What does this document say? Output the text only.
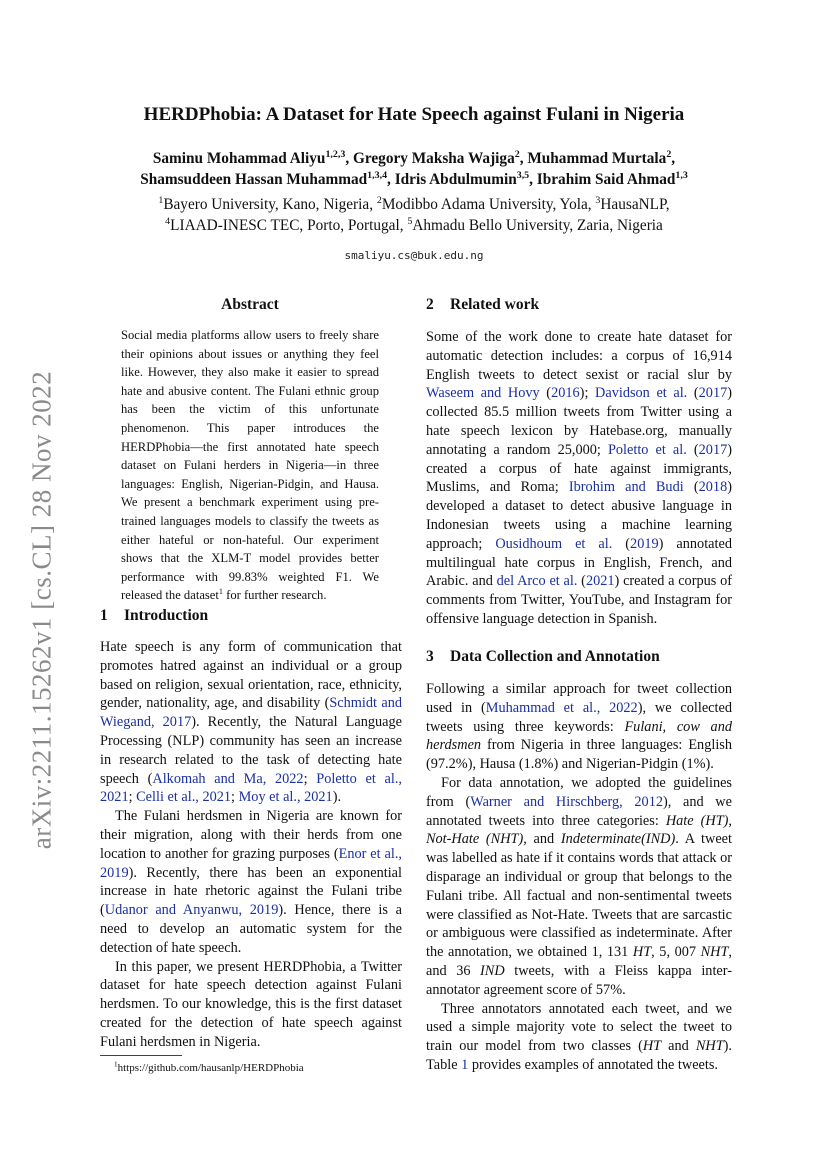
arXiv:2211.15262v1 [cs.CL] 28 Nov 2022
HERDPhobia: A Dataset for Hate Speech against Fulani in Nigeria
Saminu Mohammad Aliyu$^{1,2,3}$, Gregory Maksha Wajiga$^2$, Muhammad Murtala$^2$,
Shamsuddeen Hassan Muhammad$^{1,3,4}$, Idris Abdulmumin$^{3,5}$, Ibrahim Said Ahmad$^{1,3}$
$^1$Bayero University, Kano, Nigeria, $^2$Modibbo Adama University, Yola, $^3$HausaNLP,
$^4$LIAAD-INESC TEC, Porto, Portugal, $^5$Ahmadu Bello University, Zaria, Nigeria
smaliyu.cs@buk.edu.ng
Abstract
Social media platforms allow users to freely share their opinions about issues or anything they feel like. However, they also make it easier to spread hate and abusive content. The Fulani ethnic group has been the victim of this unfortunate phenomenon. This paper introduces the HERDPhobia—the first annotated hate speech dataset on Fulani herders in Nigeria—in three languages: English, Nigerian-Pidgin, and Hausa. We present a benchmark experiment using pre-trained languages models to classify the tweets as either hateful or non-hateful. Our experiment shows that the XLM-T model provides better performance with 99.83% weighted F1. We released the dataset$^1$ for further research.
1 Introduction

Hate speech is any form of communication that promotes hatred against an individual or a group based on religion, sexual orientation, race, ethnicity, gender, nationality, age, and disability (Schmidt and Wiegand, 2017). Recently, the Natural Language Processing (NLP) community has seen an increase in research related to the task of detecting hate speech (Alkomah and Ma, 2022; Poletto et al., 2021; Celli et al., 2021; Moy et al., 2021).

The Fulani herdsmen in Nigeria are known for their migration, along with their herds from one location to another for grazing purposes (Enor et al., 2019). Recently, there has been an exponential increase in hate rhetoric against the Fulani tribe (Udanor and Anyanwu, 2019). Hence, there is a need to develop an automatic system for the detection of hate speech.

In this paper, we present HERDPhobia, a Twitter dataset for hate speech detection against Fulani herdsmen. To our knowledge, this is the first dataset created for the detection of hate speech against Fulani herdsmen in Nigeria.

$^1$https://github.com/hausanlp/HERDPhobia
2 Related work

Some of the work done to create hate dataset for automatic detection includes: a corpus of 16,914 English tweets to detect sexist or racial slur by Waseem and Hovy (2016); Davidson et al. (2017) collected 85.5 million tweets from Twitter using a hate speech lexicon by Hatebase.org, manually annotating a random 25,000; Poletto et al. (2017) created a corpus of hate against immigrants, Muslims, and Roma; Ibrohim and Budi (2018) developed a dataset to detect abusive language in Indonesian tweets using a machine learning approach; Ousidhoum et al. (2019) annotated multilingual hate corpus in English, French, and Arabic. and del Arco et al. (2021) created a corpus of comments from Twitter, YouTube, and Instagram for offensive language detection in Spanish.

3 Data Collection and Annotation

Following a similar approach for tweet collection used in (Muhammad et al., 2022), we collected tweets using three keywords: Fulani, cow and herdsmen from Nigeria in three languages: English (97.2%), Hausa (1.8%) and Nigerian-Pidgin (1%).

For data annotation, we adopted the guidelines from (Warner and Hirschberg, 2012), and we annotated tweets into three categories: Hate (HT), Not-Hate (NHT), and Indeterminate(IND). A tweet was labelled as hate if it contains words that attack or disparage an individual or group that belongs to the Fulani tribe. All factual and non-sentimental tweets were classified as Not-Hate. Tweets that are sarcastic or ambiguous were classified as indeterminate. After the annotation, we obtained 1, 131 HT, 5, 007 NHT, and 36 IND tweets, with a Fleiss kappa inter-annotator agreement score of 57%.

Three annotators annotated each tweet, and we used a simple majority vote to select the tweet to train our model from two classes (HT and NHT). Table 1 provides examples of annotated the tweets.
